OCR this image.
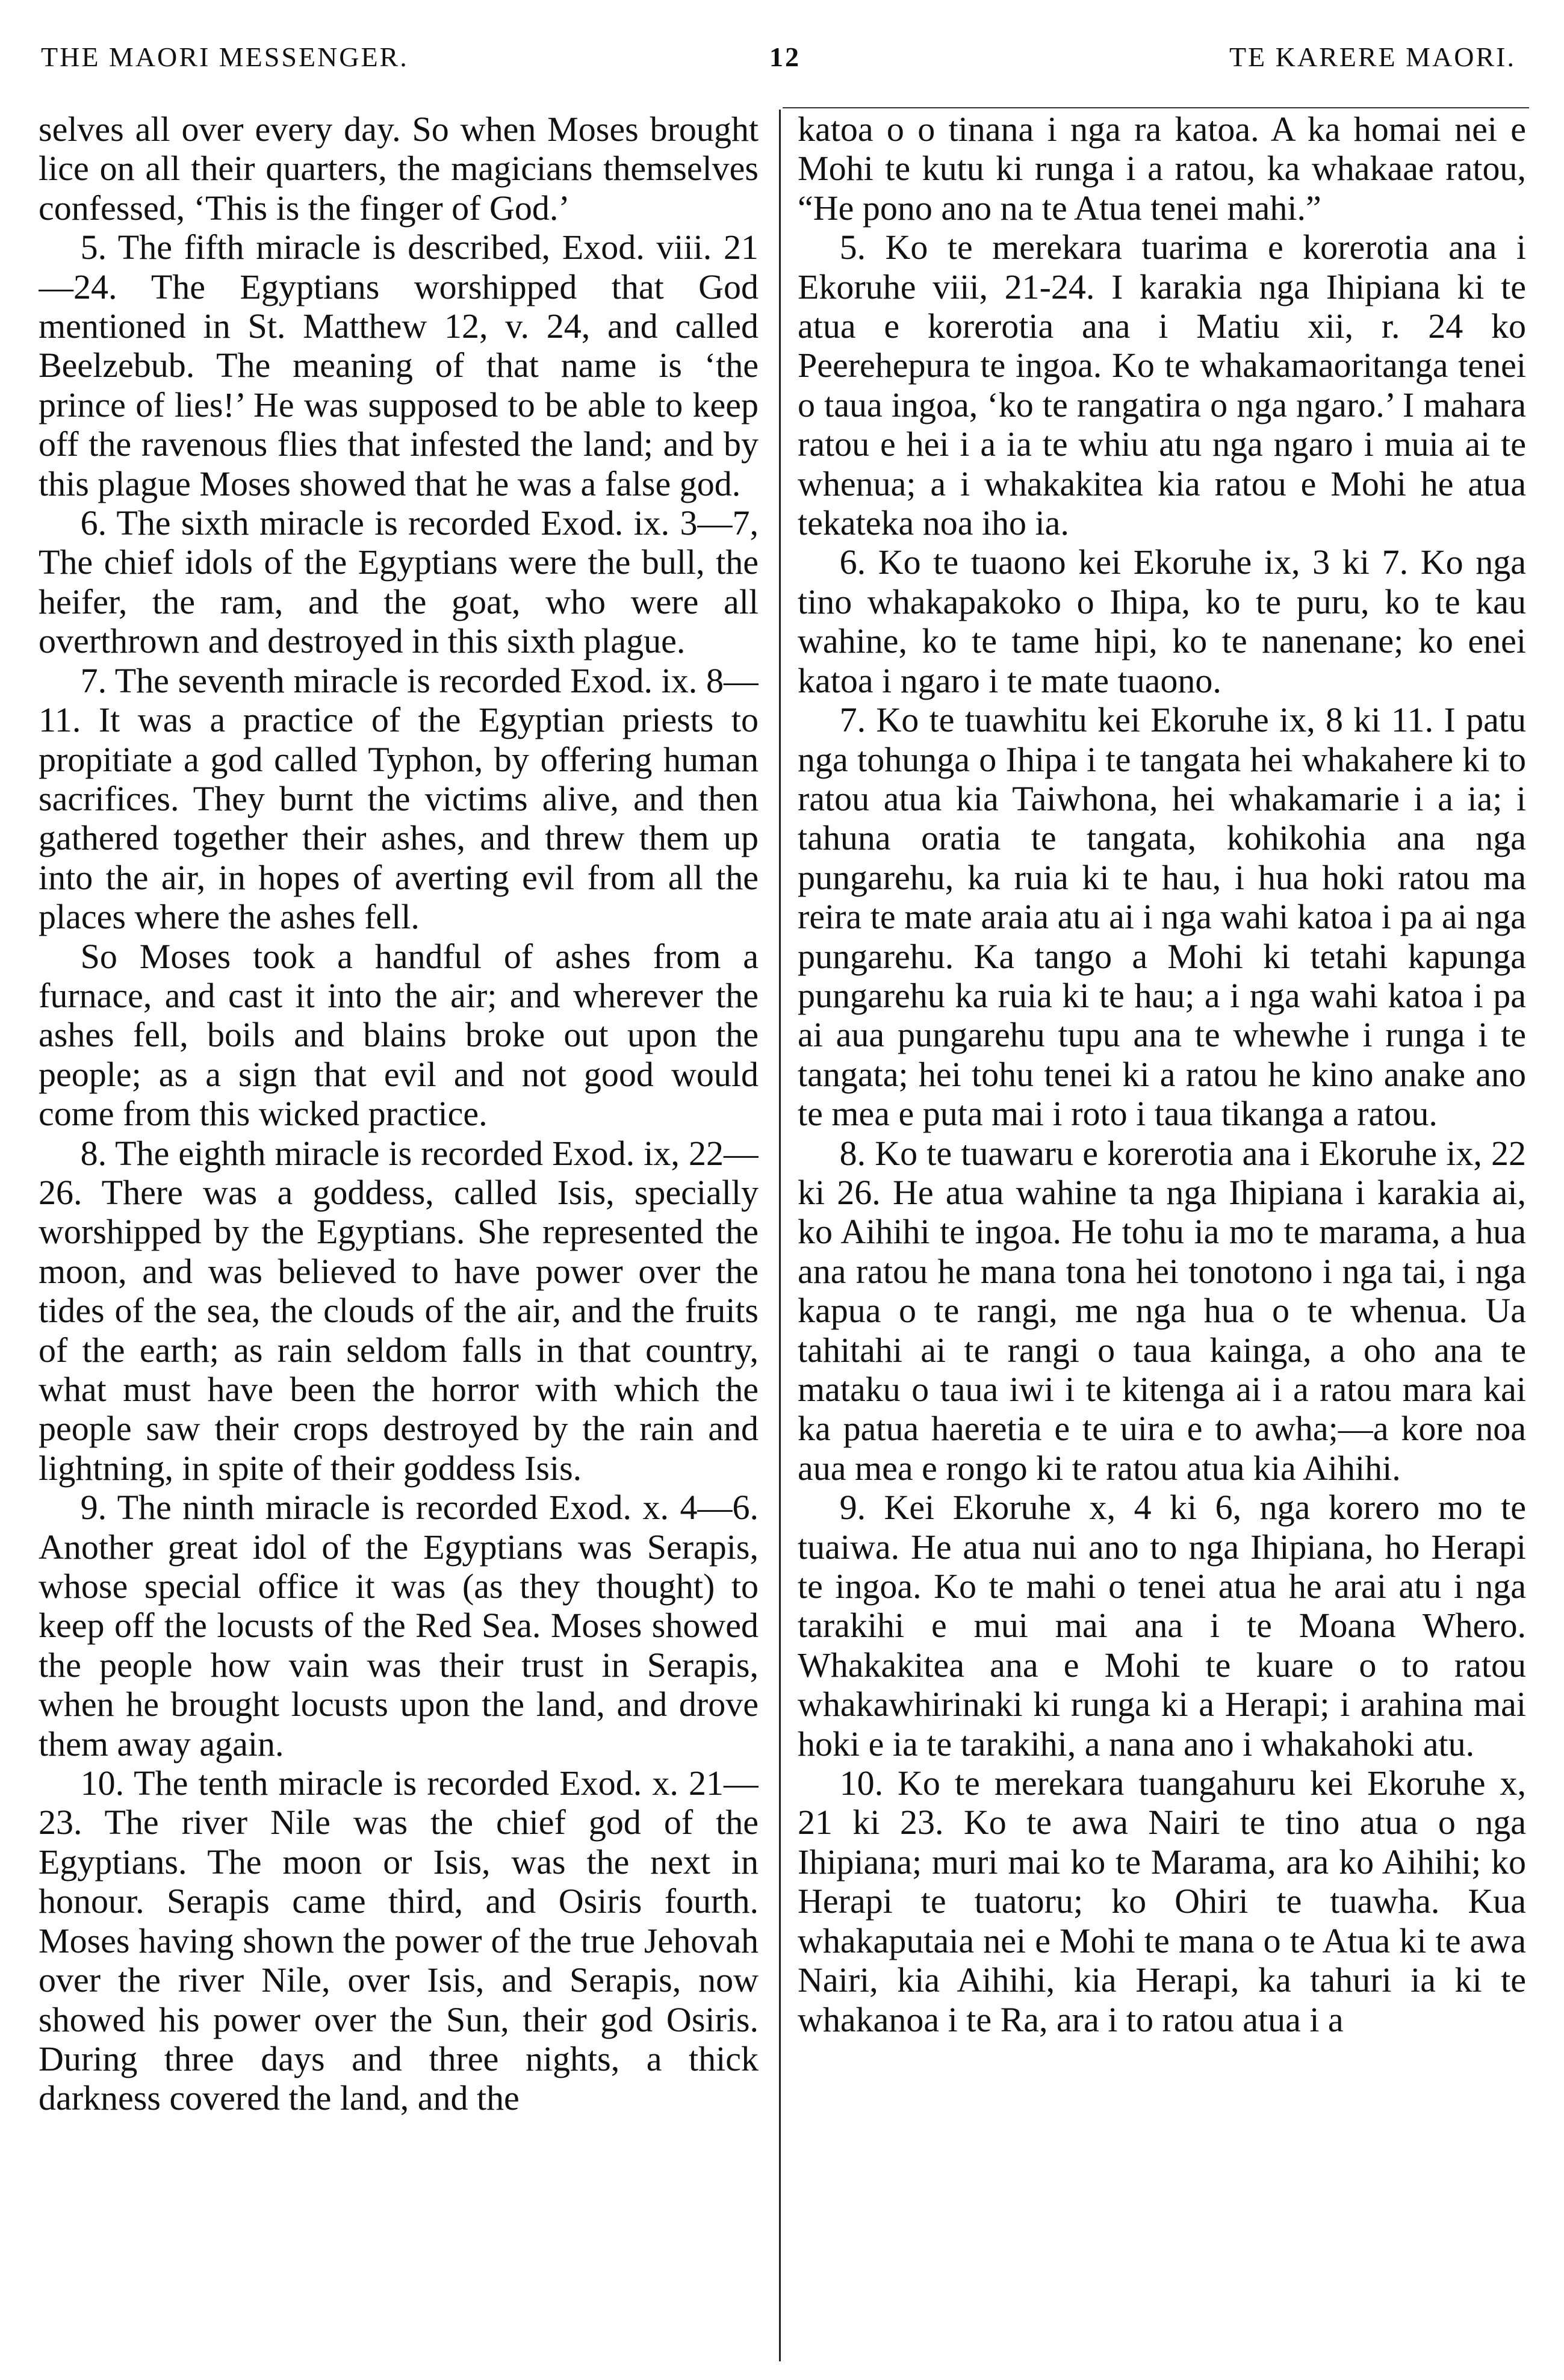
THE MAORI MESSENGER.	12	TE KARERE MAORI.

selves all over every day. So when Moses brought lice on all their quarters, the magicians themselves confessed, ‘This is the finger of God.’

5. The fifth miracle is described, Exod. viii. 21—24. The Egyptians worshipped that God mentioned in St. Matthew 12, v. 24, and called Beelzebub. The meaning of that name is ‘the prince of lies!’ He was supposed to be able to keep off the ravenous flies that infested the land; and by this plague Moses showed that he was a false god.

6. The sixth miracle is recorded Exod. ix. 3—7, The chief idols of the Egyptians were the bull, the heifer, the ram, and the goat, who were all overthrown and destroyed in this sixth plague.

7. The seventh miracle is recorded Exod. ix. 8—11. It was a practice of the Egyptian priests to propitiate a god called Typhon, by offering human sacrifices. They burnt the victims alive, and then gathered together their ashes, and threw them up into the air, in hopes of averting evil from all the places where the ashes fell.

So Moses took a handful of ashes from a furnace, and cast it into the air; and wherever the ashes fell, boils and blains broke out upon the people; as a sign that evil and not good would come from this wicked practice.

8. The eighth miracle is recorded Exod. ix, 22—26. There was a goddess, called Isis, specially worshipped by the Egyptians. She represented the moon, and was believed to have power over the tides of the sea, the clouds of the air, and the fruits of the earth; as rain seldom falls in that country, what must have been the horror with which the people saw their crops destroyed by the rain and lightning, in spite of their goddess Isis.

9. The ninth miracle is recorded Exod. x. 4—6. Another great idol of the Egyptians was Serapis, whose special office it was (as they thought) to keep off the locusts of the Red Sea. Moses showed the people how vain was their trust in Serapis, when he brought locusts upon the land, and drove them away again.

10. The tenth miracle is recorded Exod. x. 21—23. The river Nile was the chief god of the Egyptians. The moon or Isis, was the next in honour. Serapis came third, and Osiris fourth. Moses having shown the power of the true Jehovah over the river Nile, over Isis, and Serapis, now showed his power over the Sun, their god Osiris. During three days and three nights, a thick darkness covered the land, and the

katoa o o tinana i nga ra katoa. A ka homai nei e Mohi te kutu ki runga i a ratou, ka whakaae ratou, “He pono ano na te Atua tenei mahi.”

5. Ko te merekara tuarima e korerotia ana i Ekoruhe viii, 21-24. I karakia nga Ihipiana ki te atua e korerotia ana i Matiu xii, r. 24 ko Peerehepura te ingoa. Ko te whakamaoritanga tenei o taua ingoa, ‘ko te rangatira o nga ngaro.’ I mahara ratou e hei i a ia te whiu atu nga ngaro i muia ai te whenua; a i whakakitea kia ratou e Mohi he atua tekateka noa iho ia.

6. Ko te tuaono kei Ekoruhe ix, 3 ki 7. Ko nga tino whakapakoko o Ihipa, ko te puru, ko te kau wahine, ko te tame hipi, ko te nanenane; ko enei katoa i ngaro i te mate tuaono.

7. Ko te tuawhitu kei Ekoruhe ix, 8 ki 11. I patu nga tohunga o Ihipa i te tangata hei whakahere ki to ratou atua kia Taiwhona, hei whakamarie i a ia; i tahuna oratia te tangata, kohikohia ana nga pungarehu, ka ruia ki te hau, i hua hoki ratou ma reira te mate araia atu ai i nga wahi katoa i pa ai nga pungarehu. Ka tango a Mohi ki tetahi kapunga pungarehu ka ruia ki te hau; a i nga wahi katoa i pa ai aua pungarehu tupu ana te whewhe i runga i te tangata; hei tohu tenei ki a ratou he kino anake ano te mea e puta mai i roto i taua tikanga a ratou.

8. Ko te tuawaru e korerotia ana i Ekoruhe ix, 22 ki 26. He atua wahine ta nga Ihipiana i karakia ai, ko Aihihi te ingoa. He tohu ia mo te marama, a hua ana ratou he mana tona hei tonotono i nga tai, i nga kapua o te rangi, me nga hua o te whenua. Ua tahitahi ai te rangi o taua kainga, a oho ana te mataku o taua iwi i te kitenga ai i a ratou mara kai ka patua haeretia e te uira e to awha;—a kore noa aua mea e rongo ki te ratou atua kia Aihihi.

9. Kei Ekoruhe x, 4 ki 6, nga korero mo te tuaiwa. He atua nui ano to nga Ihipiana, ho Herapi te ingoa. Ko te mahi o tenei atua he arai atu i nga tarakihi e mui mai ana i te Moana Whero. Whakakitea ana e Mohi te kuare o to ratou whakawhirinaki ki runga ki a Herapi; i arahina mai hoki e ia te tarakihi, a nana ano i whakahoki atu.

10. Ko te merekara tuangahuru kei Ekoruhe x, 21 ki 23. Ko te awa Nairi te tino atua o nga Ihipiana; muri mai ko te Marama, ara ko Aihihi; ko Herapi te tuatoru; ko Ohiri te tuawha. Kua whakaputaia nei e Mohi te mana o te Atua ki te awa Nairi, kia Aihihi, kia Herapi, ka tahuri ia ki te whakanoa i te Ra, ara i to ratou atua i a
